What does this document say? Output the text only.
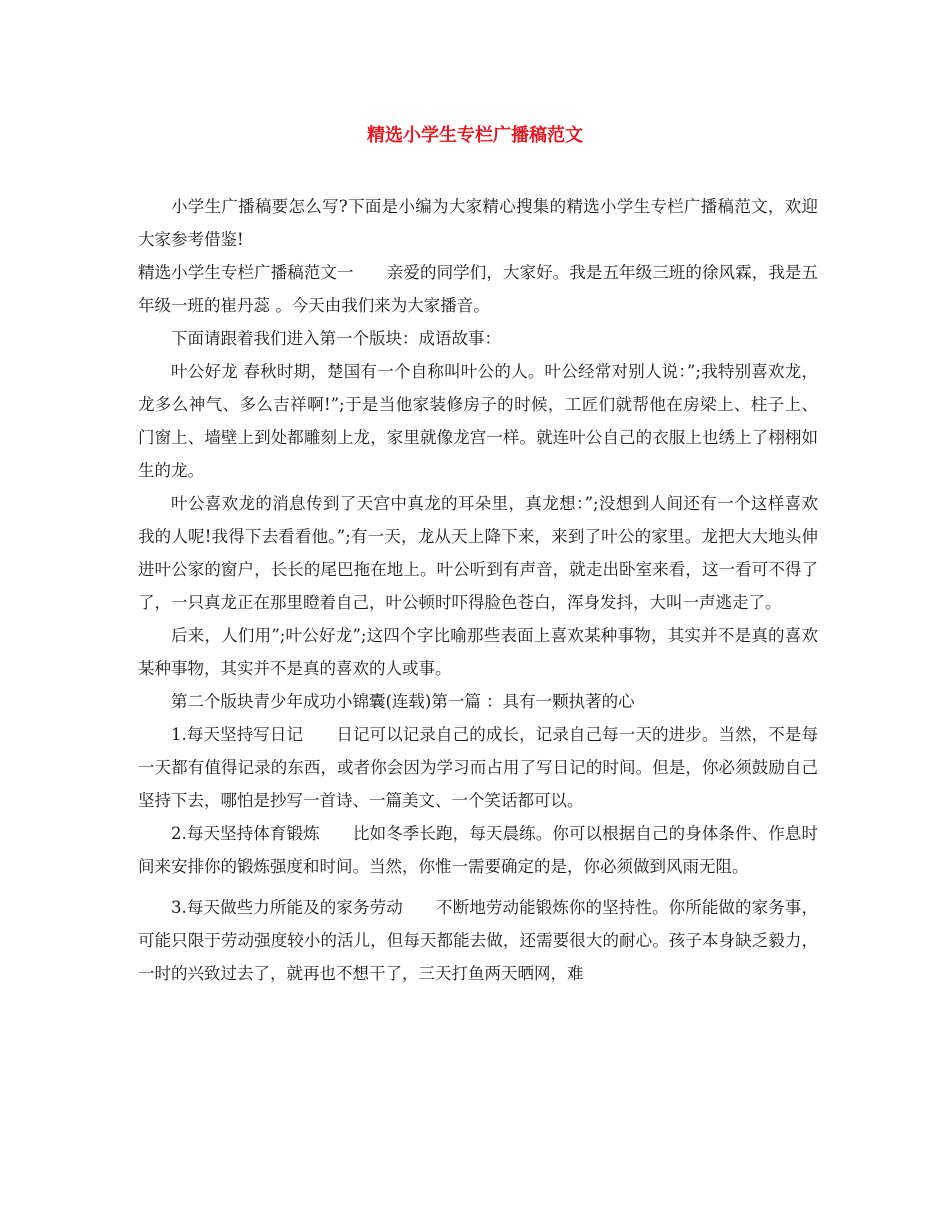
精选小学生专栏广播稿范文

小学生广播稿要怎么写?下面是小编为大家精心搜集的精选小学生专栏广播稿范文，欢迎大家参考借鉴!

精选小学生专栏广播稿范文一　　亲爱的同学们，大家好。我是五年级三班的徐风霖，我是五年级一班的崔丹蕊 。今天由我们来为大家播音。

下面请跟着我们进入第一个版块：成语故事：

叶公好龙 春秋时期，楚国有一个自称叫叶公的人。叶公经常对别人说：”;我特别喜欢龙，龙多么神气、多么吉祥啊!”;于是当他家装修房子的时候，工匠们就帮他在房梁上、柱子上、门窗上、墙壁上到处都雕刻上龙，家里就像龙宫一样。就连叶公自己的衣服上也绣上了栩栩如生的龙。

叶公喜欢龙的消息传到了天宫中真龙的耳朵里，真龙想：”;没想到人间还有一个这样喜欢我的人呢!我得下去看看他。”;有一天，龙从天上降下来，来到了叶公的家里。龙把大大地头伸进叶公家的窗户，长长的尾巴拖在地上。叶公听到有声音，就走出卧室来看，这一看可不得了了，一只真龙正在那里瞪着自己，叶公顿时吓得脸色苍白，浑身发抖，大叫一声逃走了。

后来，人们用”;叶公好龙”;这四个字比喻那些表面上喜欢某种事物，其实并不是真的喜欢某种事物，其实并不是真的喜欢的人或事。

第二个版块青少年成功小锦囊(连载)第一篇 ：具有一颗执著的心

1.每天坚持写日记　　日记可以记录自己的成长，记录自己每一天的进步。当然，不是每一天都有值得记录的东西，或者你会因为学习而占用了写日记的时间。但是，你必须鼓励自己坚持下去，哪怕是抄写一首诗、一篇美文、一个笑话都可以。

2.每天坚持体育锻炼　　比如冬季长跑，每天晨练。你可以根据自己的身体条件、作息时间来安排你的锻炼强度和时间。当然，你惟一需要确定的是，你必须做到风雨无阻。

3.每天做些力所能及的家务劳动　　不断地劳动能锻炼你的坚持性。你所能做的家务事，可能只限于劳动强度较小的活儿，但每天都能去做，还需要很大的耐心。孩子本身缺乏毅力，一时的兴致过去了，就再也不想干了，三天打鱼两天晒网，难
